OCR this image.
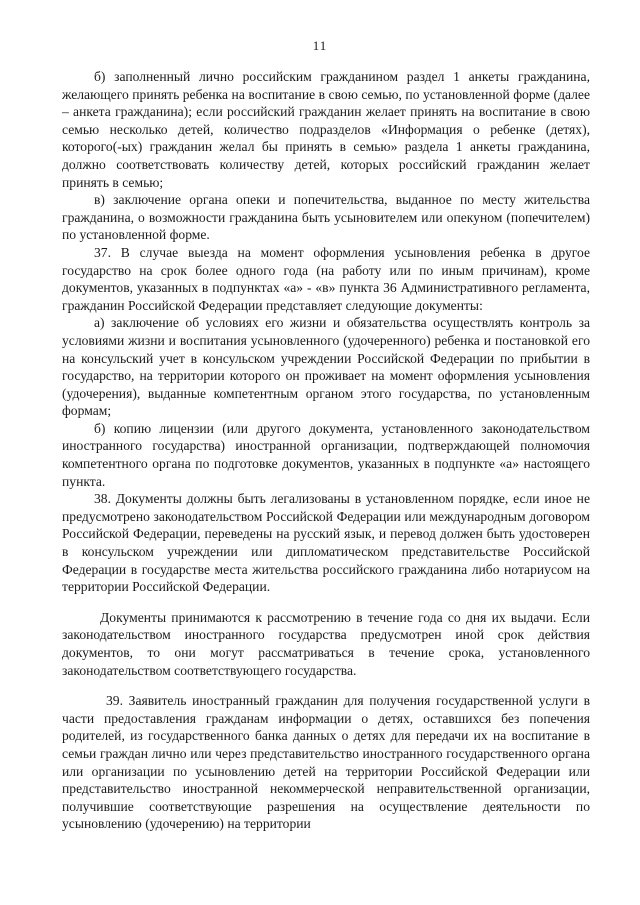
11

б) заполненный лично российским гражданином раздел 1 анкеты гражданина, желающего принять ребенка на воспитание в свою семью, по установленной форме (далее – анкета гражданина); если российский гражданин желает принять на воспитание в свою семью несколько детей, количество подразделов «Информация о ребенке (детях), которого(-ых) гражданин желал бы принять в семью» раздела 1 анкеты гражданина, должно соответствовать количеству детей, которых российский гражданин желает принять в семью;

в) заключение органа опеки и попечительства, выданное по месту жительства гражданина, о возможности гражданина быть усыновителем или опекуном (попечителем) по установленной форме.

37. В случае выезда на момент оформления усыновления ребенка в другое государство на срок более одного года (на работу или по иным причинам), кроме документов, указанных в подпунктах «а» - «в» пункта 36 Административного регламента, гражданин Российской Федерации представляет следующие документы:

а) заключение об условиях его жизни и обязательства осуществлять контроль за условиями жизни и воспитания усыновленного (удочеренного) ребенка и постановкой его на консульский учет в консульском учреждении Российской Федерации по прибытии в государство, на территории которого он проживает на момент оформления усыновления (удочерения), выданные компетентным органом этого государства, по установленным формам;

б) копию лицензии (или другого документа, установленного законодательством иностранного государства) иностранной организации, подтверждающей полномочия компетентного органа по подготовке документов, указанных в подпункте «а» настоящего пункта.

38. Документы должны быть легализованы в установленном порядке, если иное не предусмотрено законодательством Российской Федерации или международным договором Российской Федерации, переведены на русский язык, и перевод должен быть удостоверен в консульском учреждении или дипломатическом представительстве Российской Федерации в государстве места жительства российского гражданина либо нотариусом на территории Российской Федерации.

Документы принимаются к рассмотрению в течение года со дня их выдачи. Если законодательством иностранного государства предусмотрен иной срок действия документов, то они могут рассматриваться в течение срока, установленного законодательством соответствующего государства.

39. Заявитель иностранный гражданин для получения государственной услуги в части предоставления гражданам информации о детях, оставшихся без попечения родителей, из государственного банка данных о детях для передачи их на воспитание в семьи граждан лично или через представительство иностранного государственного органа или организации по усыновлению детей на территории Российской Федерации или представительство иностранной некоммерческой неправительственной организации, получившие соответствующие разрешения на осуществление деятельности по усыновлению (удочерению) на территории
